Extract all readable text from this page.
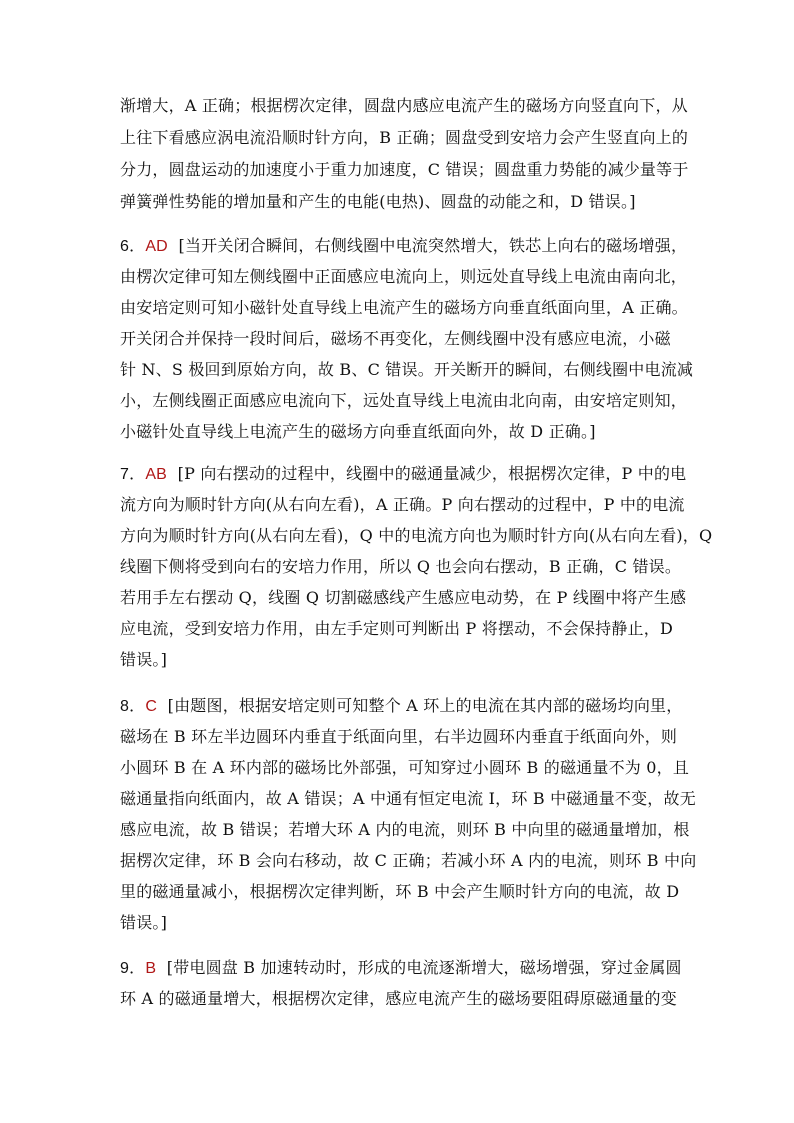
渐增大，A 正确；根据楞次定律，圆盘内感应电流产生的磁场方向竖直向下，从
上往下看感应涡电流沿顺时针方向，B 正确；圆盘受到安培力会产生竖直向上的
分力，圆盘运动的加速度小于重力加速度，C 错误；圆盘重力势能的减少量等于
弹簧弹性势能的增加量和产生的电能(电热)、圆盘的动能之和，D 错误。]
6．AD [当开关闭合瞬间，右侧线圈中电流突然增大，铁芯上向右的磁场增强，
由楞次定律可知左侧线圈中正面感应电流向上，则远处直导线上电流由南向北，
由安培定则可知小磁针处直导线上电流产生的磁场方向垂直纸面向里，A 正确。
开关闭合并保持一段时间后，磁场不再变化，左侧线圈中没有感应电流，小磁
针 N、S 极回到原始方向，故 B、C 错误。开关断开的瞬间，右侧线圈中电流减
小，左侧线圈正面感应电流向下，远处直导线上电流由北向南，由安培定则知，
小磁针处直导线上电流产生的磁场方向垂直纸面向外，故 D 正确。]
7．AB [P 向右摆动的过程中，线圈中的磁通量减少，根据楞次定律，P 中的电
流方向为顺时针方向(从右向左看)，A 正确。P 向右摆动的过程中，P 中的电流
方向为顺时针方向(从右向左看)，Q 中的电流方向也为顺时针方向(从右向左看)，Q
线圈下侧将受到向右的安培力作用，所以 Q 也会向右摆动，B 正确，C 错误。
若用手左右摆动 Q，线圈 Q 切割磁感线产生感应电动势，在 P 线圈中将产生感
应电流，受到安培力作用，由左手定则可判断出 P 将摆动，不会保持静止，D
错误。]
8．C [由题图，根据安培定则可知整个 A 环上的电流在其内部的磁场均向里，
磁场在 B 环左半边圆环内垂直于纸面向里，右半边圆环内垂直于纸面向外，则
小圆环 B 在 A 环内部的磁场比外部强，可知穿过小圆环 B 的磁通量不为 0，且
磁通量指向纸面内，故 A 错误；A 中通有恒定电流 I，环 B 中磁通量不变，故无
感应电流，故 B 错误；若增大环 A 内的电流，则环 B 中向里的磁通量增加，根
据楞次定律，环 B 会向右移动，故 C 正确；若减小环 A 内的电流，则环 B 中向
里的磁通量减小，根据楞次定律判断，环 B 中会产生顺时针方向的电流，故 D
错误。]
9．B [带电圆盘 B 加速转动时，形成的电流逐渐增大，磁场增强，穿过金属圆
环 A 的磁通量增大，根据楞次定律，感应电流产生的磁场要阻碍原磁通量的变
